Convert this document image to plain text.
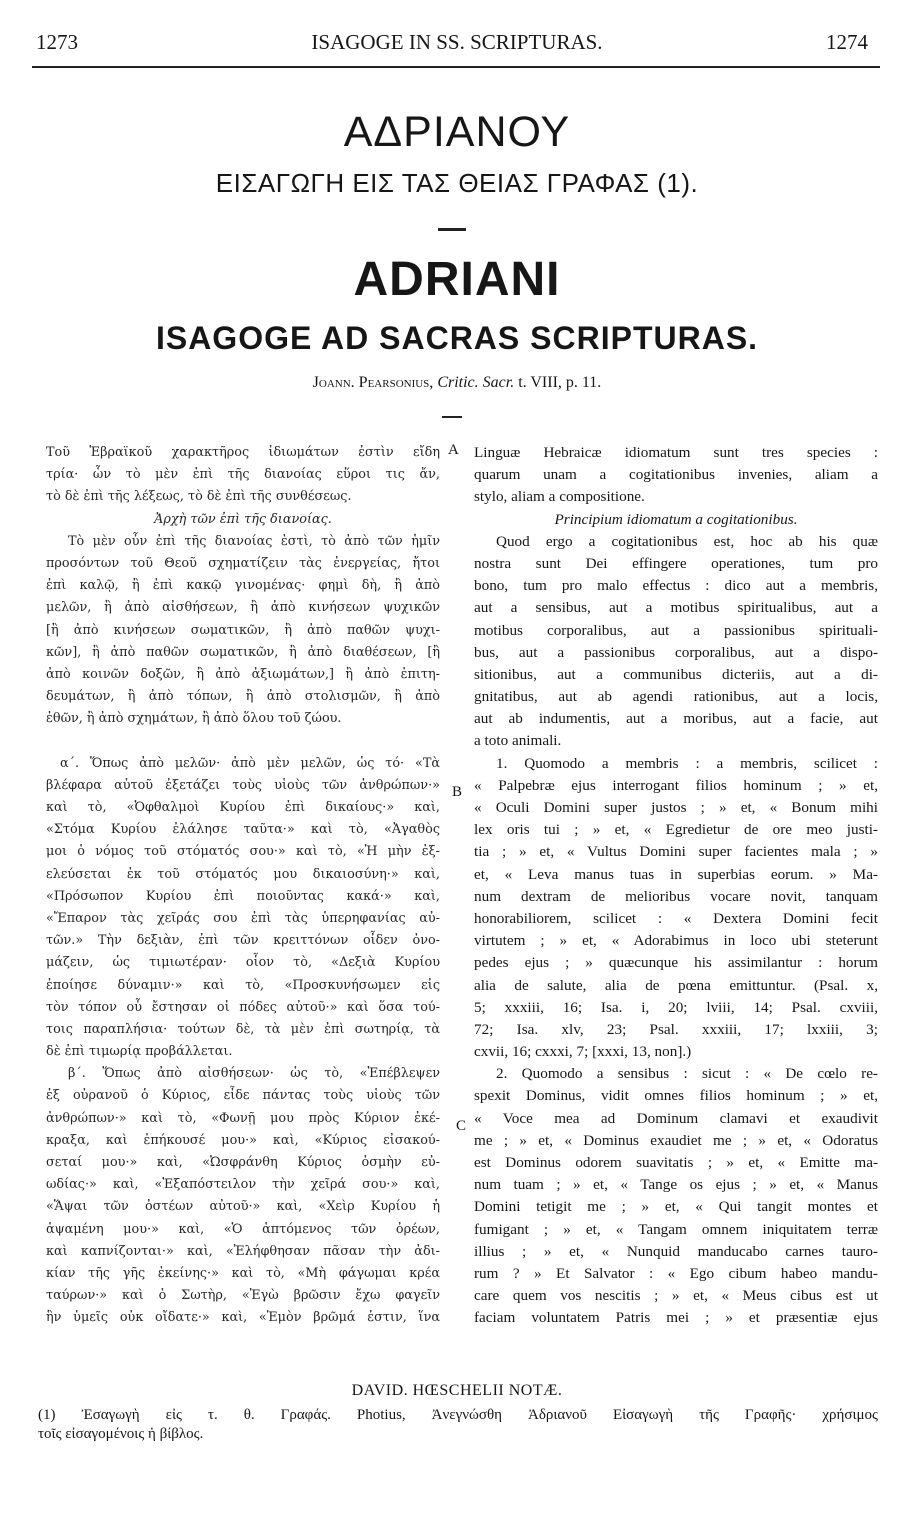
1273	ISAGOGE IN SS. SCRIPTURAS.	1274
ΑΔΡΙΑΝΟΥ
ΕΙΣΑΓΩΓΗ ΕΙΣ ΤΑΣ ΘΕΙΑΣ ΓΡΑΦΑΣ (1).
ADRIANI
ISAGOGE AD SACRAS SCRIPTURAS.
Joann. Pearsonius, Critic. Sacr. t. VIII, p. 11.
A
B
C
Τοῦ Ἑβραϊκοῦ χαρακτῆρος ἰδιωμάτων ἐστὶν εἴδη
τρία· ὧν τὸ μὲν ἐπὶ τῆς διανοίας εὕροι τις ἄν,
τὸ δὲ ἐπὶ τῆς λέξεως, τὸ δὲ ἐπὶ τῆς συνθέσεως.
Ἀρχὴ τῶν ἐπὶ τῆς διανοίας.
Τὸ μὲν οὖν ἐπὶ τῆς διανοίας ἐστὶ, τὸ ἀπὸ τῶν ἡμῖν
προσόντων τοῦ Θεοῦ σχηματίζειν τὰς ἐνεργείας, ἤτοι
ἐπὶ καλῷ, ἢ ἐπὶ κακῷ γινομένας· φημὶ δὴ, ἢ ἀπὸ
μελῶν, ἢ ἀπὸ αἰσθήσεων, ἢ ἀπὸ κινήσεων ψυχικῶν
[ἢ ἀπὸ κινήσεων σωματικῶν, ἢ ἀπὸ παθῶν ψυχι-
κῶν], ἢ ἀπὸ παθῶν σωματικῶν, ἢ ἀπὸ διαθέσεων, [ἢ
ἀπὸ κοινῶν δοξῶν, ἢ ἀπὸ ἀξιωμάτων,] ἢ ἀπὸ ἐπιτη-
δευμάτων, ἢ ἀπὸ τόπων, ἢ ἀπὸ στολισμῶν, ἢ ἀπὸ
ἐθῶν, ἢ ἀπὸ σχημάτων, ἢ ἀπὸ ὅλου τοῦ ζώου.
α΄. Ὅπως ἀπὸ μελῶν· ἀπὸ μὲν μελῶν, ὡς τό· «Τὰ
βλέφαρα αὐτοῦ ἐξετάζει τοὺς υἱοὺς τῶν ἀνθρώπων·»
καὶ τὸ, «Ὀφθαλμοὶ Κυρίου ἐπὶ δικαίους·» καὶ,
«Στόμα Κυρίου ἐλάλησε ταῦτα·» καὶ τὸ, «Ἀγαθὸς
μοι ὁ νόμος τοῦ στόματός σου·» καὶ τὸ, «Ἡ μὴν ἐξ-
ελεύσεται ἐκ τοῦ στόματός μου δικαιοσύνη·» καὶ,
«Πρόσωπον Κυρίου ἐπὶ ποιοῦντας κακά·» καὶ,
«Ἔπαρον τὰς χεῖράς σου ἐπὶ τὰς ὑπερηφανίας αὐ-
τῶν.» Τὴν δεξιὰν, ἐπὶ τῶν κρειττόνων οἶδεν ὀνο-
μάζειν, ὡς τιμιωτέραν· οἷον τὸ, «Δεξιὰ Κυρίου
ἐποίησε δύναμιν·» καὶ τὸ, «Προσκυνήσωμεν εἰς
τὸν τόπον οὗ ἔστησαν οἱ πόδες αὐτοῦ·» καὶ ὅσα τού-
τοις παραπλήσια· τούτων δὲ, τὰ μὲν ἐπὶ σωτηρίᾳ, τὰ
δὲ ἐπὶ τιμωρίᾳ προβάλλεται.
β΄. Ὅπως ἀπὸ αἰσθήσεων· ὡς τὸ, «Ἐπέβλεψεν
ἐξ οὐρανοῦ ὁ Κύριος, εἶδε πάντας τοὺς υἱοὺς τῶν
ἀνθρώπων·» καὶ τὸ, «Φωνῇ μου πρὸς Κύριον ἐκέ-
κραξα, καὶ ἐπήκουσέ μου·» καὶ, «Κύριος εἰσακού-
σεταί μου·» καὶ, «Ὠσφράνθη Κύριος ὀσμὴν εὐ-
ωδίας·» καὶ, «Ἐξαπόστειλον τὴν χεῖρά σου·» καὶ,
«Ἅψαι τῶν ὀστέων αὐτοῦ·» καὶ, «Χεὶρ Κυρίου ἡ
ἁψαμένη μου·» καὶ, «Ὁ ἁπτόμενος τῶν ὀρέων,
καὶ καπνίζονται·» καὶ, «Ἐλήφθησαν πᾶσαν τὴν ἀδι-
κίαν τῆς γῆς ἐκείνης·» καὶ τὸ, «Μὴ φάγωμαι κρέα
ταύρων·» καὶ ὁ Σωτὴρ, «Ἐγὼ βρῶσιν ἔχω φαγεῖν
ἣν ὑμεῖς οὐκ οἴδατε·» καὶ, «Ἐμὸν βρῶμά ἐστιν, ἵνα
Linguæ Hebraicæ idiomatum sunt tres species :
quarum unam a cogitationibus invenies, aliam a
stylo, aliam a compositione.
Principium idiomatum a cogitationibus.
Quod ergo a cogitationibus est, hoc ab his quæ
nostra sunt Dei effingere operationes, tum pro
bono, tum pro malo effectus : dico aut a membris,
aut a sensibus, aut a motibus spiritualibus, aut a
motibus corporalibus, aut a passionibus spirituali-
bus, aut a passionibus corporalibus, aut a dispo-
sitionibus, aut a communibus dicteriis, aut a di-
gnitatibus, aut ab agendi rationibus, aut a locis,
aut ab indumentis, aut a moribus, aut a facie, aut
a toto animali.
1. Quomodo a membris : a membris, scilicet :
« Palpebræ ejus interrogant filios hominum ; » et,
« Oculi Domini super justos ; » et, « Bonum mihi
lex oris tui ; » et, « Egredietur de ore meo justi-
tia ; » et, « Vultus Domini super facientes mala ; »
et, « Leva manus tuas in superbias eorum. » Ma-
num dextram de melioribus vocare novit, tanquam
honorabiliorem, scilicet : « Dextera Domini fecit
virtutem ; » et, « Adorabimus in loco ubi steterunt
pedes ejus ; » quæcunque his assimilantur : horum
alia de salute, alia de pœna emittuntur. (Psal. x,
5; xxxiii, 16; Isa. i, 20; lviii, 14; Psal. cxviii,
72; Isa. xlv, 23; Psal. xxxiii, 17; lxxiii, 3;
cxvii, 16; cxxxi, 7; [xxxi, 13, non].)
2. Quomodo a sensibus : sicut : « De cœlo re-
spexit Dominus, vidit omnes filios hominum ; » et,
« Voce mea ad Dominum clamavi et exaudivit
me ; » et, « Dominus exaudiet me ; » et, « Odoratus
est Dominus odorem suavitatis ; » et, « Emitte ma-
num tuam ; » et, « Tange os ejus ; » et, « Manus
Domini tetigit me ; » et, « Qui tangit montes et
fumigant ; » et, « Tangam omnem iniquitatem terræ
illius ; » et, « Nunquid manducabo carnes tauro-
rum ? » Et Salvator : « Ego cibum habeo mandu-
care quem vos nescitis ; » et, « Meus cibus est ut
faciam voluntatem Patris mei ; » et præsentiæ ejus
DAVID. HŒSCHELII NOTÆ.
(1) Ἐσαγωγὴ εἰς τ. θ. Γραφάς. Photius, Ἀνεγνώσθη Ἀδριανοῦ Εἰσαγωγὴ τῆς Γραφῆς· χρήσιμος
τοῖς εἰσαγομένοις ἡ βίβλος.
